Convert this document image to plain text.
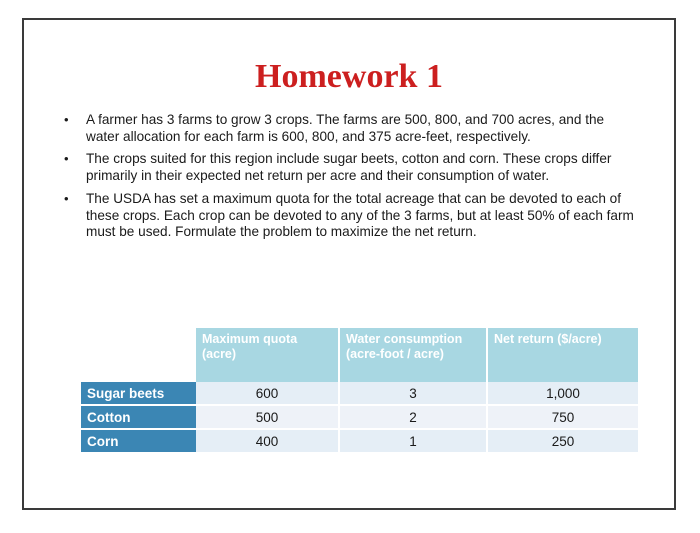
Homework 1
• A farmer has 3 farms to grow 3 crops. The farms are 500, 800, and 700 acres, and the water allocation for each farm is 600, 800, and 375 acre-feet, respectively.
• The crops suited for this region include sugar beets, cotton and corn. These crops differ primarily in their expected net return per acre and their consumption of water.
• The USDA has set a maximum quota for the total acreage that can be devoted to each of these crops. Each crop can be devoted to any of the 3 farms, but at least 50% of each farm must be used. Formulate the problem to maximize the net return.
	Maximum quota (acre)	Water consumption (acre-foot / acre)	Net return ($/acre)
Sugar beets	600	3	1,000
Cotton	500	2	750
Corn	400	1	250
